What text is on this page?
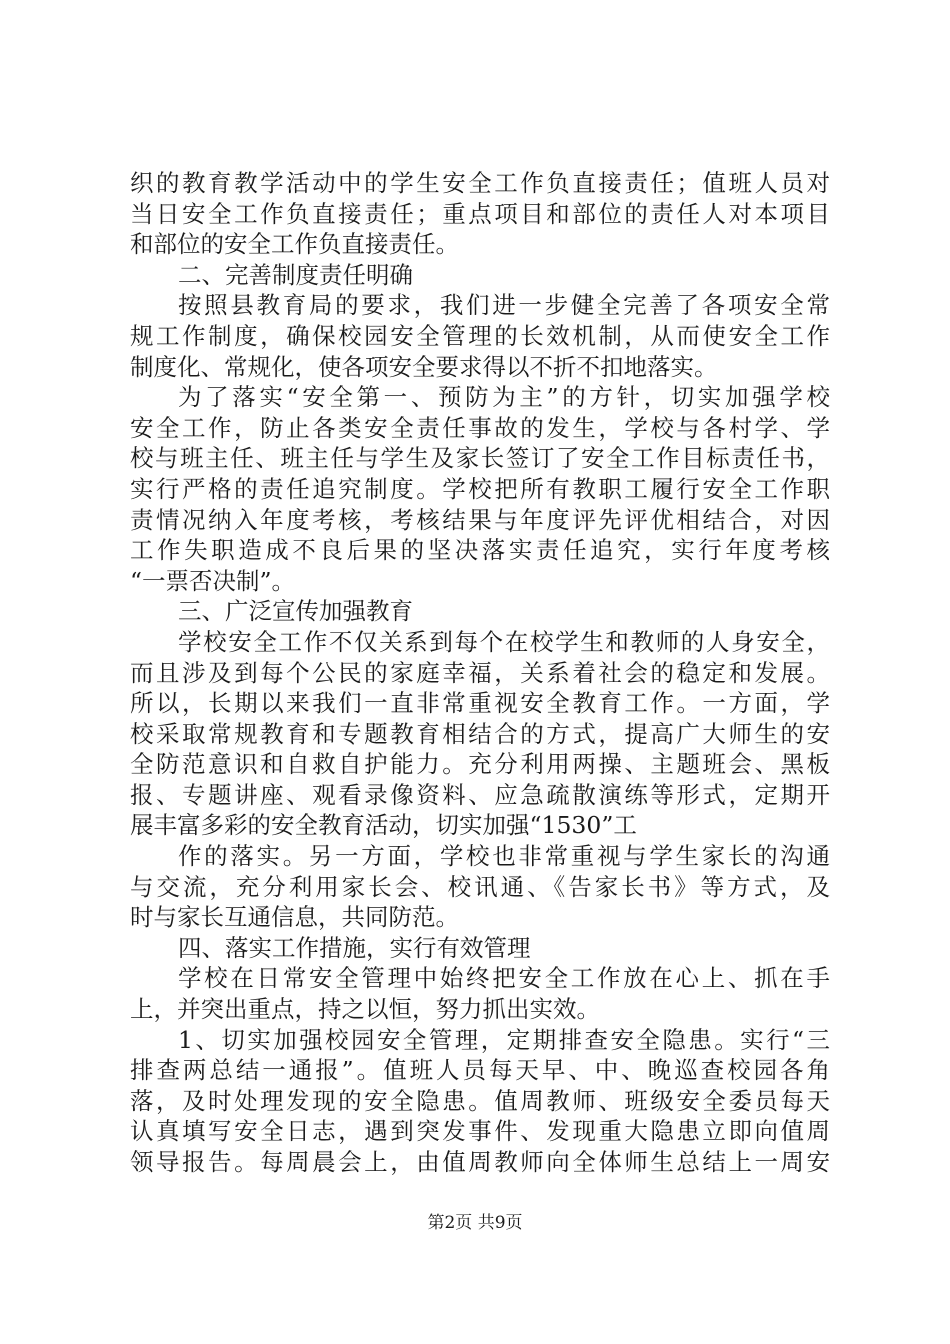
织的教育教学活动中的学生安全工作负直接责任；值班人员对
当日安全工作负直接责任；重点项目和部位的责任人对本项目
和部位的安全工作负直接责任。
二、完善制度责任明确
按照县教育局的要求，我们进一步健全完善了各项安全常
规工作制度，确保校园安全管理的长效机制，从而使安全工作
制度化、常规化，使各项安全要求得以不折不扣地落实。
为了落实“安全第一、预防为主”的方针，切实加强学校
安全工作，防止各类安全责任事故的发生，学校与各村学、学
校与班主任、班主任与学生及家长签订了安全工作目标责任书，
实行严格的责任追究制度。学校把所有教职工履行安全工作职
责情况纳入年度考核，考核结果与年度评先评优相结合，对因
工作失职造成不良后果的坚决落实责任追究，实行年度考核
“一票否决制”。
三、广泛宣传加强教育
学校安全工作不仅关系到每个在校学生和教师的人身安全，
而且涉及到每个公民的家庭幸福，关系着社会的稳定和发展。
所以，长期以来我们一直非常重视安全教育工作。一方面，学
校采取常规教育和专题教育相结合的方式，提高广大师生的安
全防范意识和自救自护能力。充分利用两操、主题班会、黑板
报、专题讲座、观看录像资料、应急疏散演练等形式，定期开
展丰富多彩的安全教育活动，切实加强“1530”工
作的落实。另一方面，学校也非常重视与学生家长的沟通
与交流，充分利用家长会、校讯通、《告家长书》等方式，及
时与家长互通信息，共同防范。
四、落实工作措施，实行有效管理
学校在日常安全管理中始终把安全工作放在心上、抓在手
上，并突出重点，持之以恒，努力抓出实效。
1、切实加强校园安全管理，定期排查安全隐患。实行“三
排查两总结一通报”。值班人员每天早、中、晚巡查校园各角
落，及时处理发现的安全隐患。值周教师、班级安全委员每天
认真填写安全日志，遇到突发事件、发现重大隐患立即向值周
领导报告。每周晨会上，由值周教师向全体师生总结上一周安
第2页 共9页
